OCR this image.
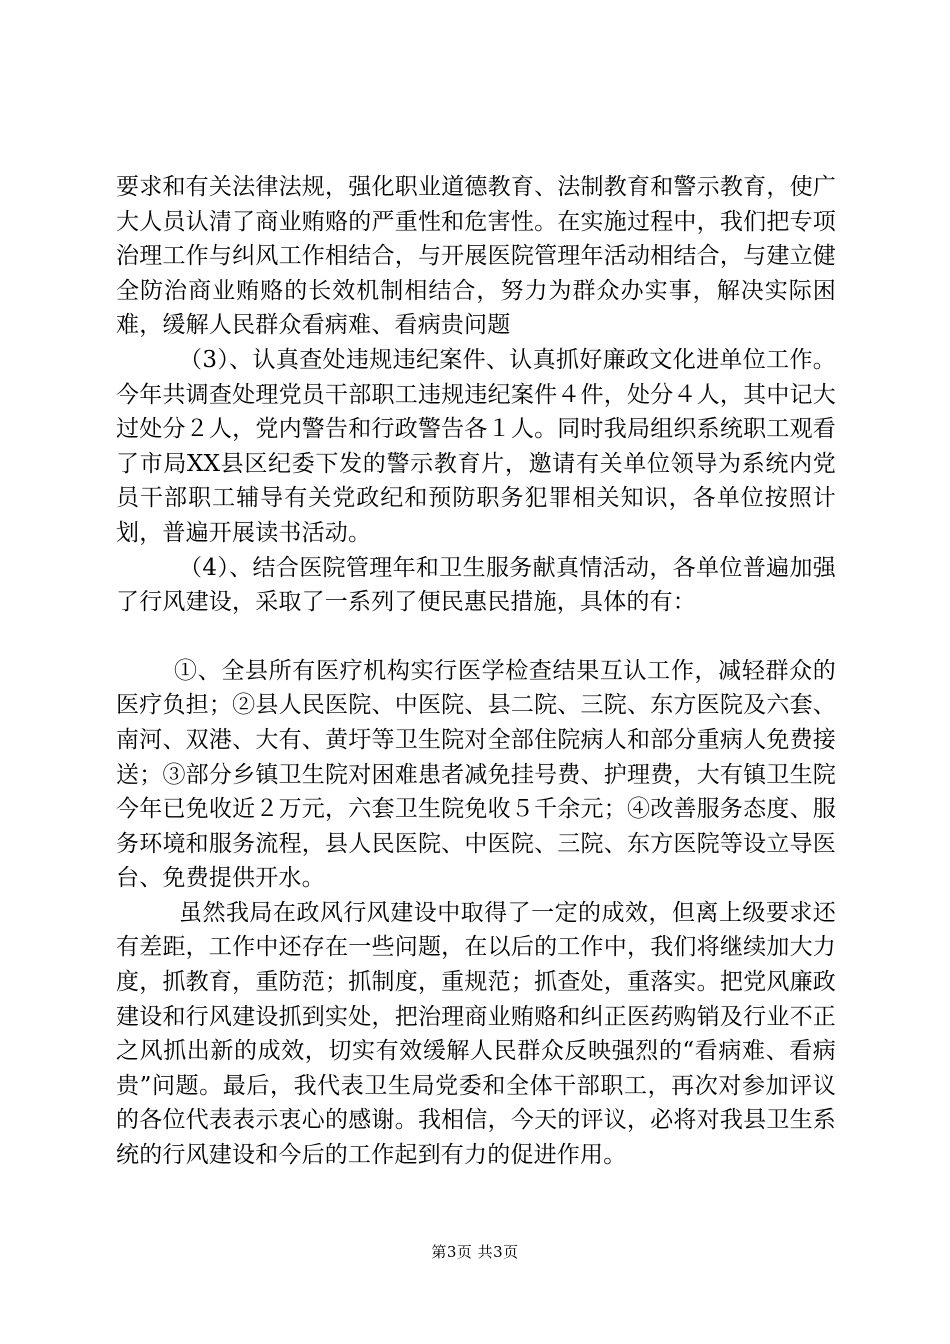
要求和有关法律法规，强化职业道德教育、法制教育和警示教育，使广大人员认清了商业贿赂的严重性和危害性。在实施过程中，我们把专项治理工作与纠风工作相结合，与开展医院管理年活动相结合，与建立健全防治商业贿赂的长效机制相结合，努力为群众办实事，解决实际困难，缓解人民群众看病难、看病贵问题

（3）、认真查处违规违纪案件、认真抓好廉政文化进单位工作。今年共调查处理党员干部职工违规违纪案件４件，处分４人，其中记大过处分２人，党内警告和行政警告各１人。同时我局组织系统职工观看了市局XX县区纪委下发的警示教育片，邀请有关单位领导为系统内党员干部职工辅导有关党政纪和预防职务犯罪相关知识，各单位按照计划，普遍开展读书活动。

（4）、结合医院管理年和卫生服务献真情活动，各单位普遍加强了行风建设，采取了一系列了便民惠民措施，具体的有：

①、全县所有医疗机构实行医学检查结果互认工作，减轻群众的医疗负担；②县人民医院、中医院、县二院、三院、东方医院及六套、南河、双港、大有、黄圩等卫生院对全部住院病人和部分重病人免费接送；③部分乡镇卫生院对困难患者减免挂号费、护理费，大有镇卫生院今年已免收近２万元，六套卫生院免收５千余元；④改善服务态度、服务环境和服务流程，县人民医院、中医院、三院、东方医院等设立导医台、免费提供开水。

虽然我局在政风行风建设中取得了一定的成效，但离上级要求还有差距，工作中还存在一些问题，在以后的工作中，我们将继续加大力度，抓教育，重防范；抓制度，重规范；抓查处，重落实。把党风廉政建设和行风建设抓到实处，把治理商业贿赂和纠正医药购销及行业不正之风抓出新的成效，切实有效缓解人民群众反映强烈的“看病难、看病贵”问题。最后，我代表卫生局党委和全体干部职工，再次对参加评议的各位代表表示衷心的感谢。我相信，今天的评议，必将对我县卫生系统的行风建设和今后的工作起到有力的促进作用。

第3页 共3页
